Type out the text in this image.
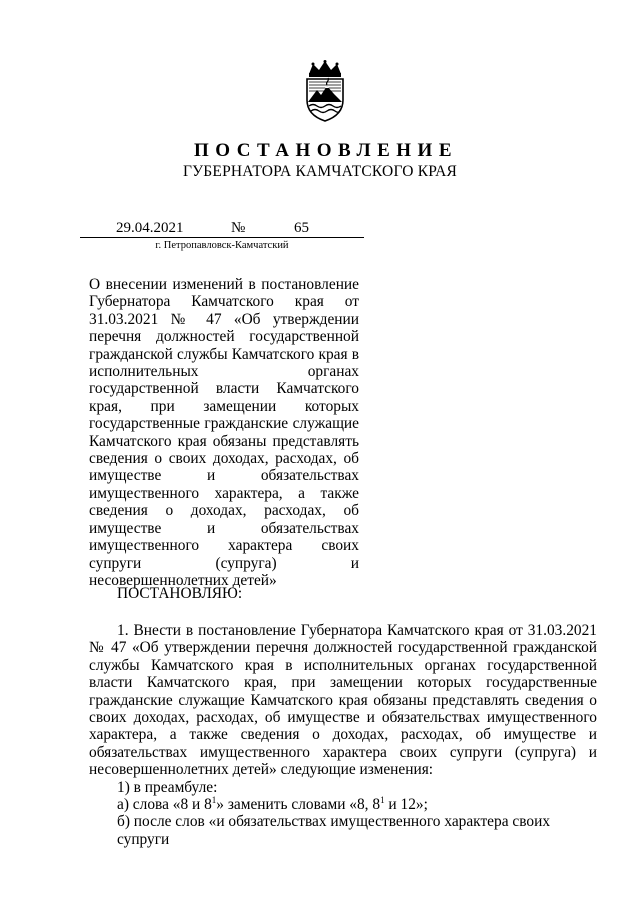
ПОСТАНОВЛЕНИЕ
ГУБЕРНАТОРА КАМЧАТСКОГО КРАЯ
29.04.2021	№	65
г. Петропавловск-Камчатский
О внесении изменений в постановление Губернатора Камчатского края от 31.03.2021 № 47 «Об утверждении перечня должностей государственной гражданской службы Камчатского края в исполнительных органах государственной власти Камчатского края, при замещении которых государственные гражданские служащие Камчатского края обязаны представлять сведения о своих доходах, расходах, об имуществе и обязательствах имущественного характера, а также сведения о доходах, расходах, об имуществе и обязательствах имущественного характера своих супруги (супруга) и несовершеннолетних детей»
ПОСТАНОВЛЯЮ:

1. Внести в постановление Губернатора Камчатского края от 31.03.2021 № 47 «Об утверждении перечня должностей государственной гражданской службы Камчатского края в исполнительных органах государственной власти Камчатского края, при замещении которых государственные гражданские служащие Камчатского края обязаны представлять сведения о своих доходах, расходах, об имуществе и обязательствах имущественного характера, а также сведения о доходах, расходах, об имуществе и обязательствах имущественного характера своих супруги (супруга) и несовершеннолетних детей» следующие изменения:

1) в преамбуле:

а) слова «8 и $8^1$» заменить словами «8, $8^1$ и 12»;

б) после слов «и обязательствах имущественного характера своих супруги
